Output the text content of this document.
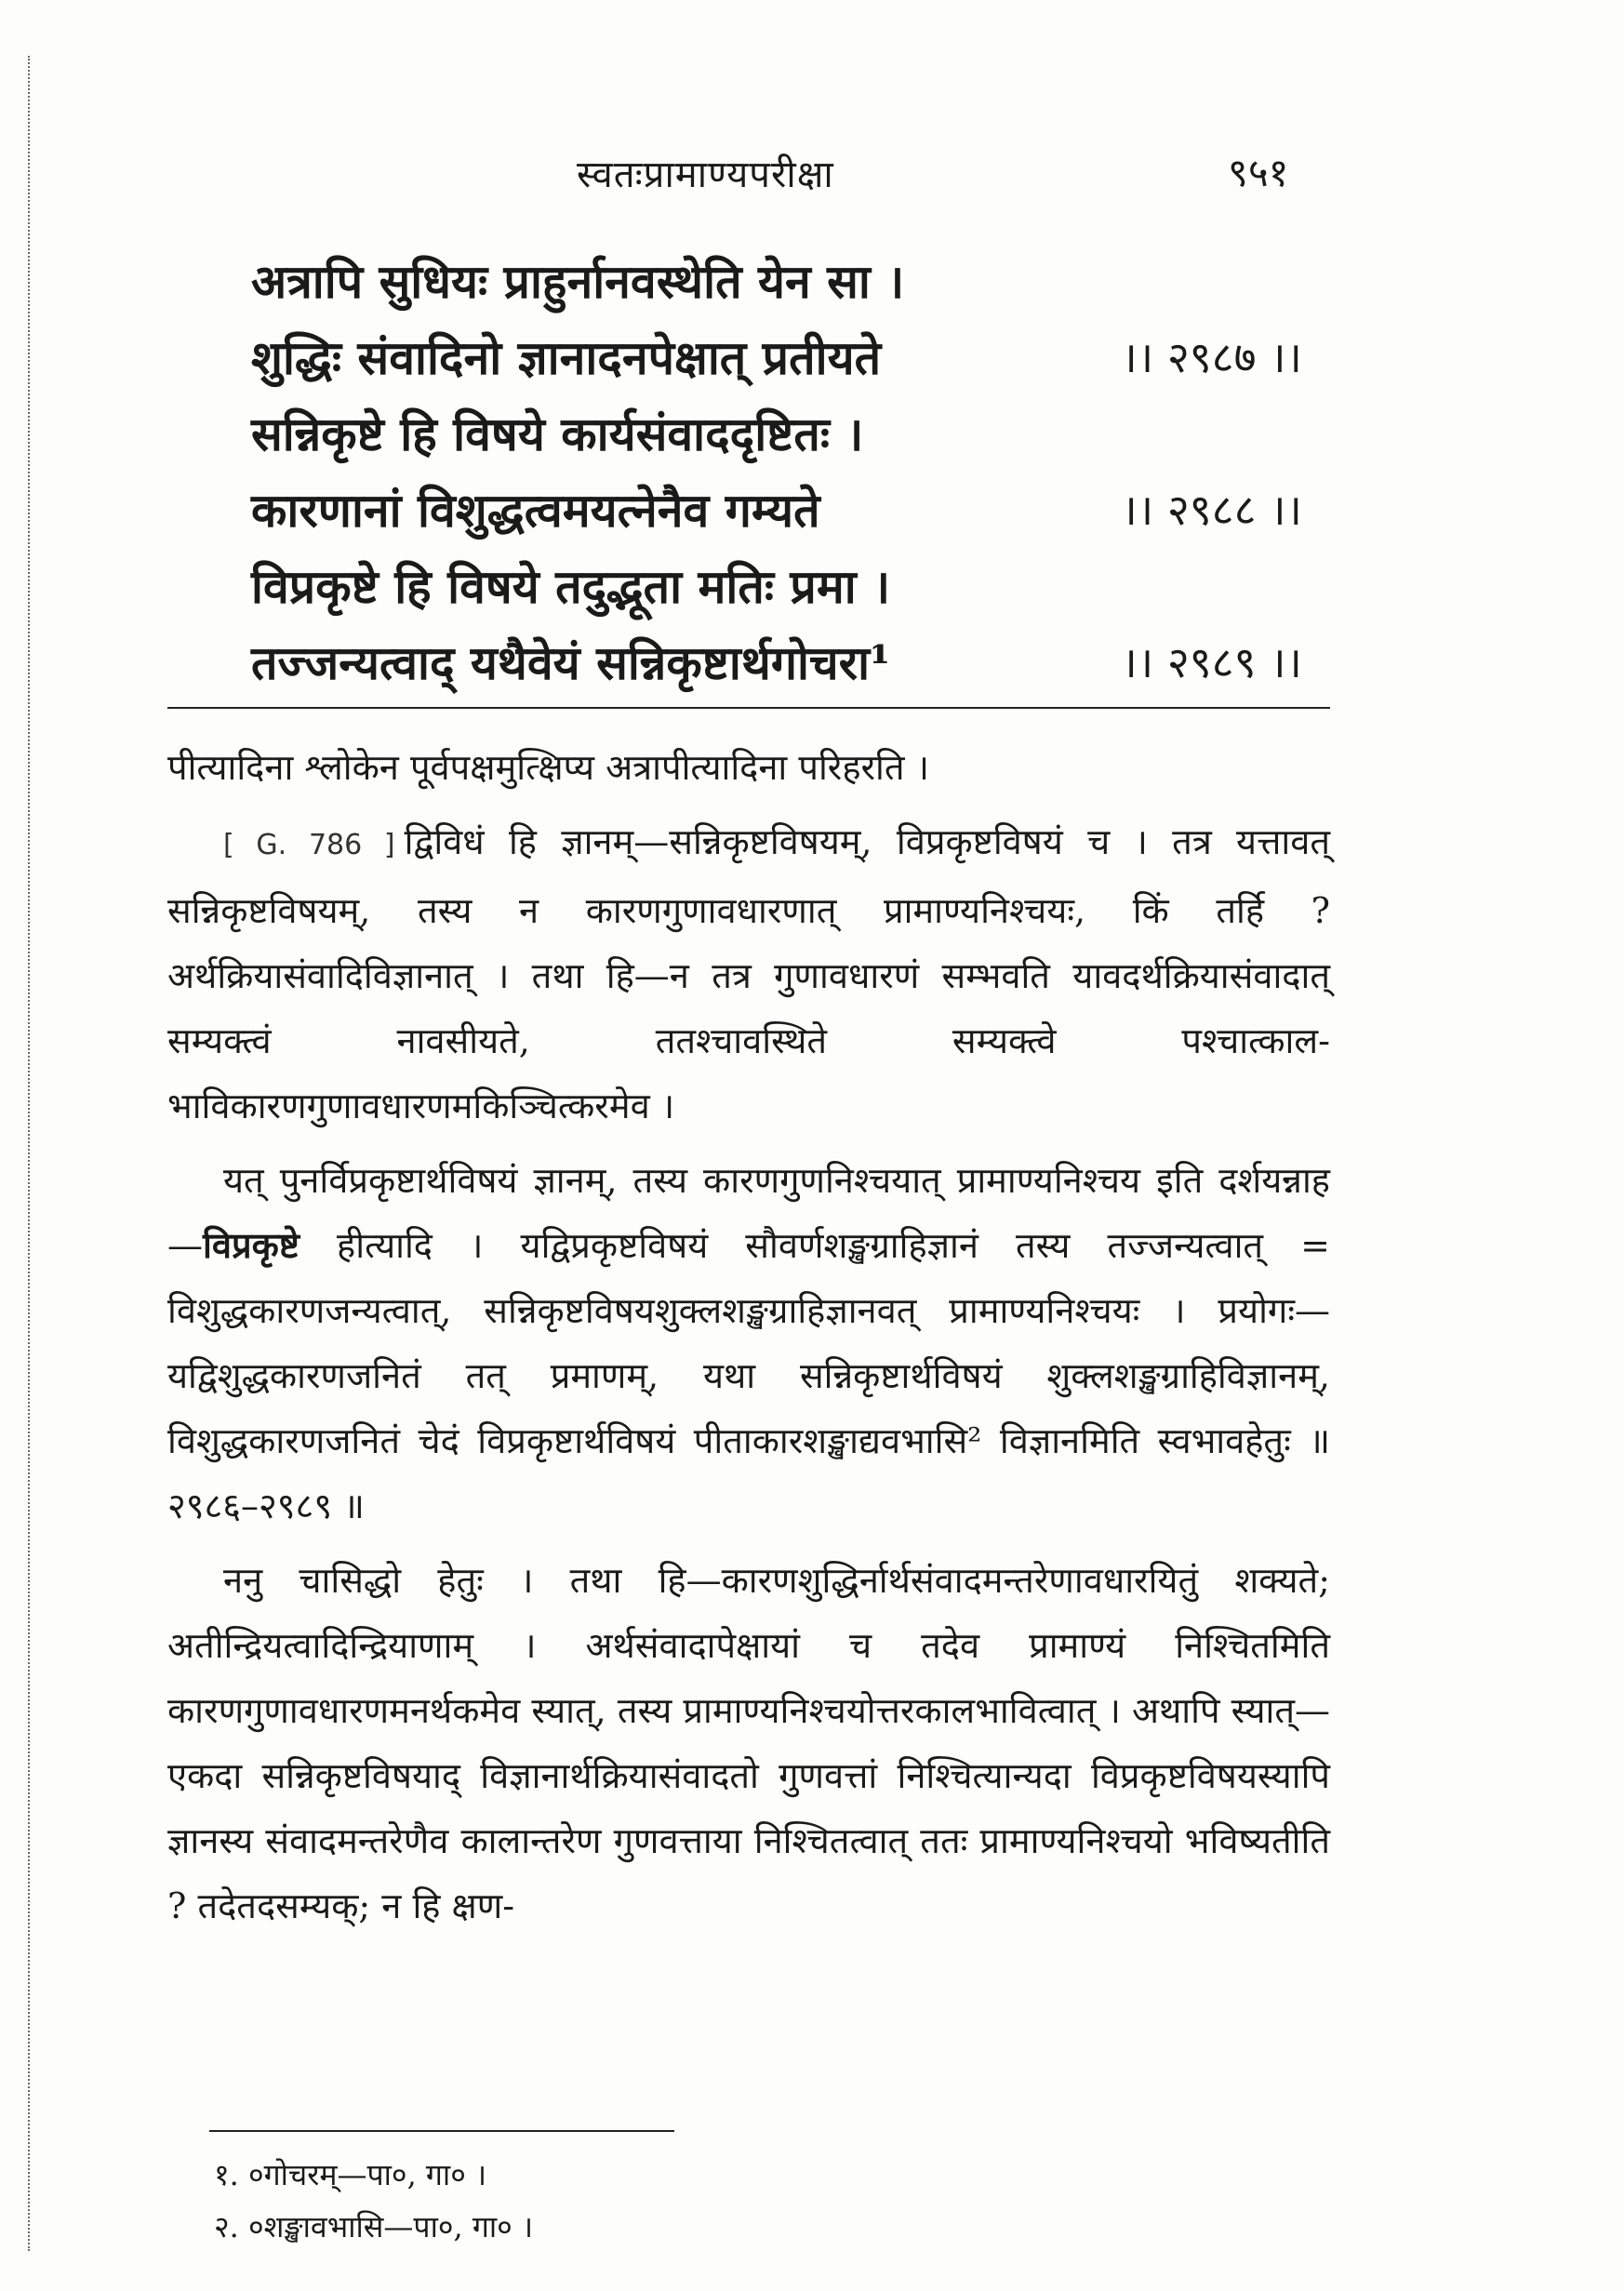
स्वतःप्रामाण्यपरीक्षा	९५१
अत्रापि सुधियः प्राहुर्नानवस्थेति येन सा ।
शुद्धिः संवादिनो ज्ञानादनपेक्षात् प्रतीयते	।। २९८७ ।।
सन्निकृष्टे हि विषये कार्यसंवाददृष्टितः ।
कारणानां विशुद्धत्वमयत्नेनैव गम्यते	।। २९८८ ।।
विप्रकृष्टे हि विषये तदुद्भूता मतिः प्रमा ।
तज्जन्यत्वाद् यथैवेयं सन्निकृष्टार्थगोचरा¹	।। २९८९ ।।

पीत्यादिना श्लोकेन पूर्वपक्षमुत्क्षिप्य अत्रापीत्यादिना परिहरति ।

[ G. 786 ] द्विविधं हि ज्ञानम्—सन्निकृष्टविषयम्, विप्रकृष्टविषयं च । तत्र यत्तावत् सन्निकृष्टविषयम्, तस्य न कारणगुणावधारणात् प्रामाण्यनिश्चयः, किं तर्हि ? अर्थक्रियासंवादिविज्ञानात् । तथा हि—न तत्र गुणावधारणं सम्भवति यावदर्थक्रियासंवादात् सम्यक्त्वं नावसीयते, ततश्चावस्थिते सम्यक्त्वे पश्चात्काल-भाविकारणगुणावधारणमकिञ्चित्करमेव ।

यत् पुनर्विप्रकृष्टार्थविषयं ज्ञानम्, तस्य कारणगुणनिश्चयात् प्रामाण्यनिश्चय इति दर्शयन्नाह—विप्रकृष्टे हीत्यादि । यद्विप्रकृष्टविषयं सौवर्णशङ्खग्राहिज्ञानं तस्य तज्जन्यत्वात् = विशुद्धकारणजन्यत्वात्, सन्निकृष्टविषयशुक्लशङ्खग्राहिज्ञानवत् प्रामाण्यनिश्चयः । प्रयोगः—यद्विशुद्धकारणजनितं तत् प्रमाणम्, यथा सन्निकृष्टार्थविषयं शुक्लशङ्खग्राहिविज्ञानम्, विशुद्धकारणजनितं चेदं विप्रकृष्टार्थविषयं पीताकारशङ्खाद्यवभासि² विज्ञानमिति स्वभावहेतुः ॥ २९८६–२९८९ ॥

ननु चासिद्धो हेतुः । तथा हि—कारणशुद्धिर्नार्थसंवादमन्तरेणावधारयितुं शक्यते; अतीन्द्रियत्वादिन्द्रियाणाम् । अर्थसंवादापेक्षायां च तदेव प्रामाण्यं निश्चितमिति कारणगुणावधारणमनर्थकमेव स्यात्, तस्य प्रामाण्यनिश्चयोत्तरकालभावित्वात् । अथापि स्यात्—एकदा सन्निकृष्टविषयाद् विज्ञानार्थक्रियासंवादतो गुणवत्तां निश्चित्यान्यदा विप्रकृष्टविषयस्यापि ज्ञानस्य संवादमन्तरेणैव कालान्तरेण गुणवत्ताया निश्चितत्वात् ततः प्रामाण्यनिश्चयो भविष्यतीति ? तदेतदसम्यक्; न हि क्षण-

१. ०गोचरम्—पा०, गा० ।
२. ०शङ्खावभासि—पा०, गा० ।
